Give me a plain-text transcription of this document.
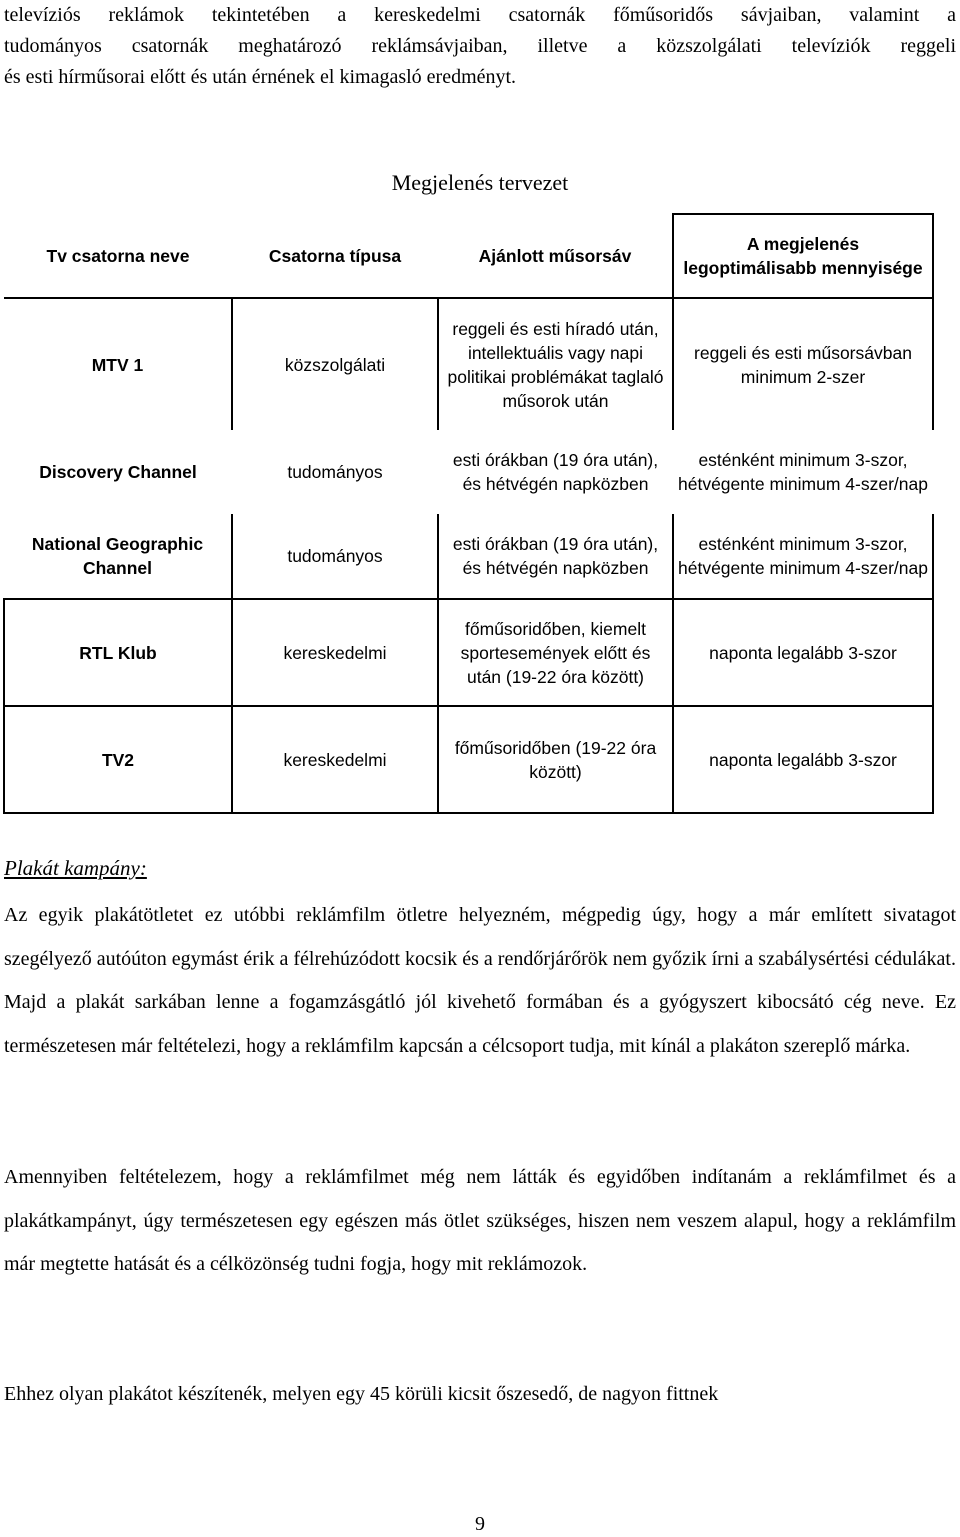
televíziós reklámok tekintetében a kereskedelmi csatornák főműsoridős sávjaiban, valamint a

tudományos csatornák meghatározó reklámsávjaiban, illetve a közszolgálati televíziók reggeli

és esti hírműsorai előtt és után érnének el kimagasló eredményt.

Megjelenés tervezet
Tv csatorna neve	Csatorna típusa	Ajánlott műsorsáv	A megjelenés legoptimálisabb mennyisége
MTV 1	közszolgálati	reggeli és esti híradó után, intellektuális vagy napi politikai problémákat taglaló műsorok után	reggeli és esti műsorsávban minimum 2-szer
Discovery Channel	tudományos	esti órákban (19 óra után), és hétvégén napközben	esténként minimum 3-szor, hétvégente minimum 4-szer/nap
National Geographic Channel	tudományos	esti órákban (19 óra után), és hétvégén napközben	esténként minimum 3-szor, hétvégente minimum 4-szer/nap
RTL Klub	kereskedelmi	főműsoridőben, kiemelt sportesemények előtt és után (19-22 óra között)	naponta legalább 3-szor
TV2	kereskedelmi	főműsoridőben (19-22 óra között)	naponta legalább 3-szor
Plakát kampány:

Az egyik plakátötletet ez utóbbi reklámfilm ötletre helyezném, mégpedig úgy, hogy a már említett sivatagot szegélyező autóúton egymást érik a félrehúzódott kocsik és a rendőrjárőrök nem győzik írni a szabálysértési cédulákat. Majd a plakát sarkában lenne a fogamzásgátló jól kivehető formában és a gyógyszert kibocsátó cég neve. Ez természetesen már feltételezi, hogy a reklámfilm kapcsán a célcsoport tudja, mit kínál a plakáton szereplő márka.

Amennyiben feltételezem, hogy a reklámfilmet még nem látták és egyidőben indítanám a reklámfilmet és a plakátkampányt, úgy természetesen egy egészen más ötlet szükséges, hiszen nem veszem alapul, hogy a reklámfilm már megtette hatását és a célközönség tudni fogja, hogy mit reklámozok.

Ehhez olyan plakátot készítenék, melyen egy 45 körüli kicsit őszesedő, de nagyon fittnek

9
